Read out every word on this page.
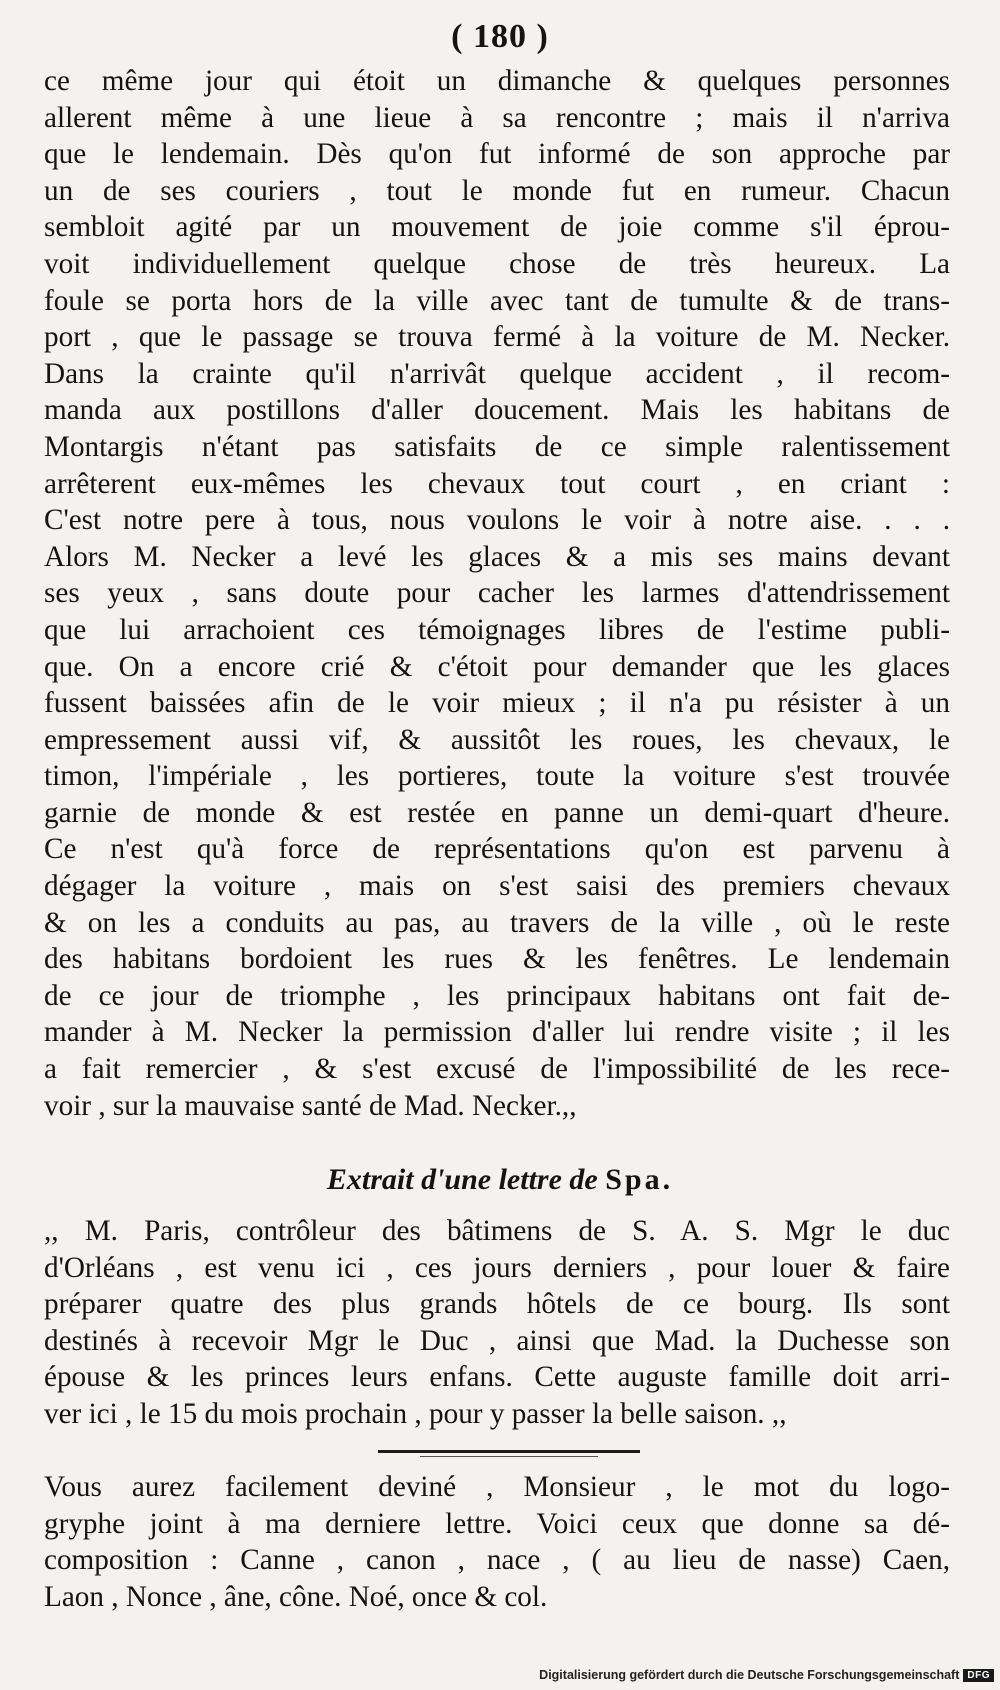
( 180 )

ce même jour qui étoit un dimanche & quelques personnes
allerent même à une lieue à sa rencontre ; mais il n'arriva
que le lendemain. Dès qu'on fut informé de son approche par
un de ses couriers , tout le monde fut en rumeur. Chacun
sembloit agité par un mouvement de joie comme s'il éprou-
voit individuellement quelque chose de très heureux. La
foule se porta hors de la ville avec tant de tumulte & de trans-
port , que le passage se trouva fermé à la voiture de M. Necker.
Dans la crainte qu'il n'arrivât quelque accident , il recom-
manda aux postillons d'aller doucement. Mais les habitans de
Montargis n'étant pas satisfaits de ce simple ralentissement
arrêterent eux-mêmes les chevaux tout court , en criant :
C'est notre pere à tous, nous voulons le voir à notre aise. . . .
Alors M. Necker a levé les glaces & a mis ses mains devant
ses yeux , sans doute pour cacher les larmes d'attendrissement
que lui arrachoient ces témoignages libres de l'estime publi-
que. On a encore crié & c'étoit pour demander que les glaces
fussent baissées afin de le voir mieux ; il n'a pu résister à un
empressement aussi vif, & aussitôt les roues, les chevaux, le
timon, l'impériale , les portieres, toute la voiture s'est trouvée
garnie de monde & est restée en panne un demi-quart d'heure.
Ce n'est qu'à force de représentations qu'on est parvenu à
dégager la voiture , mais on s'est saisi des premiers chevaux
& on les a conduits au pas, au travers de la ville , où le reste
des habitans bordoient les rues & les fenêtres. Le lendemain
de ce jour de triomphe , les principaux habitans ont fait de-
mander à M. Necker la permission d'aller lui rendre visite ; il les
a fait remercier , & s'est excusé de l'impossibilité de les rece-
voir , sur la mauvaise santé de Mad. Necker.,,

Extrait d'une lettre de Spa.

,, M. Paris, contrôleur des bâtimens de S. A. S. Mgr le duc
d'Orléans , est venu ici , ces jours derniers , pour louer & faire
préparer quatre des plus grands hôtels de ce bourg. Ils sont
destinés à recevoir Mgr le Duc , ainsi que Mad. la Duchesse son
épouse & les princes leurs enfans. Cette auguste famille doit arri-
ver ici , le 15 du mois prochain , pour y passer la belle saison. ,,

Vous aurez facilement deviné , Monsieur , le mot du logo-
gryphe joint à ma derniere lettre. Voici ceux que donne sa dé-
composition : Canne , canon , nace , ( au lieu de nasse) Caen,
Laon , Nonce , âne, cône. Noé, once & col.

Digitalisierung gefördert durch die Deutsche Forschungsgemeinschaft DFG
